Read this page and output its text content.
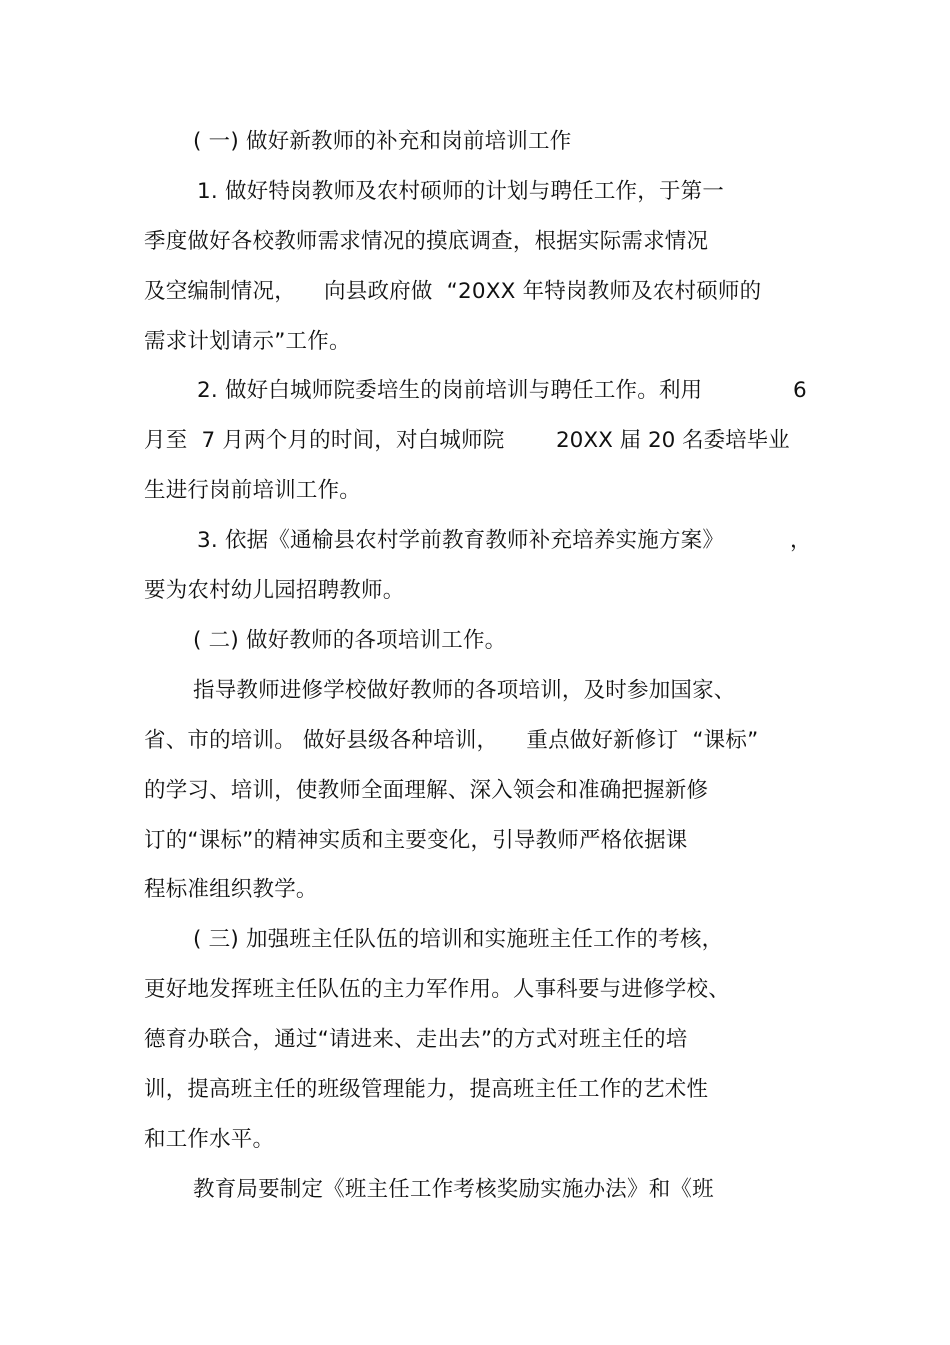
( 一) 做好新教师的补充和岗前培训工作
1. 做好特岗教师及农村硕师的计划与聘任工作，于第一
季度做好各校教师需求情况的摸底调查，根据实际需求情况
及空编制情况，    向县政府做  “20XX 年特岗教师及农村硕师的
需求计划请示”工作。
2. 做好白城师院委培生的岗前培训与聘任工作。利用	6
月至  7 月两个月的时间，对白城师院 20XX 届 20 名委培毕业
生进行岗前培训工作。
3. 依据《通榆县农村学前教育教师补充培养实施方案》	，
要为农村幼儿园招聘教师。
( 二) 做好教师的各项培训工作。
指导教师进修学校做好教师的各项培训，及时参加国家、
省、市的培训。 做好县级各种培训，    重点做好新修订  “课标”
的学习、培训，使教师全面理解、深入领会和准确把握新修
订的“课标”的精神实质和主要变化，引导教师严格依据课
程标准组织教学。
( 三) 加强班主任队伍的培训和实施班主任工作的考核，
更好地发挥班主任队伍的主力军作用。人事科要与进修学校、
德育办联合，通过“请进来、走出去”的方式对班主任的培
训，提高班主任的班级管理能力，提高班主任工作的艺术性
和工作水平。
教育局要制定《班主任工作考核奖励实施办法》和《班
